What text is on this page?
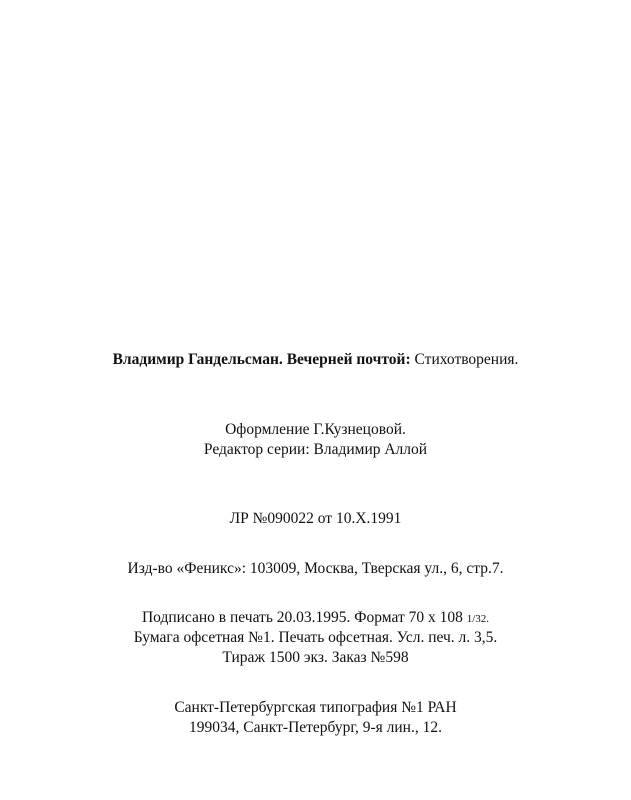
Владимир Гандельсман. Вечерней почтой: Стихотворения.
Оформление Г.Кузнецовой.
Редактор серии: Владимир Аллой
ЛР №090022 от 10.X.1991
Изд-во «Феникс»: 103009, Москва, Тверская ул., 6, стр.7.
Подписано в печать 20.03.1995. Формат 70 x 108 1/32.
Бумага офсетная №1. Печать офсетная. Усл. печ. л. 3,5.
Тираж 1500 экз. Заказ №598
Санкт-Петербургская типография №1 РАН
199034, Санкт-Петербург, 9-я лин., 12.
